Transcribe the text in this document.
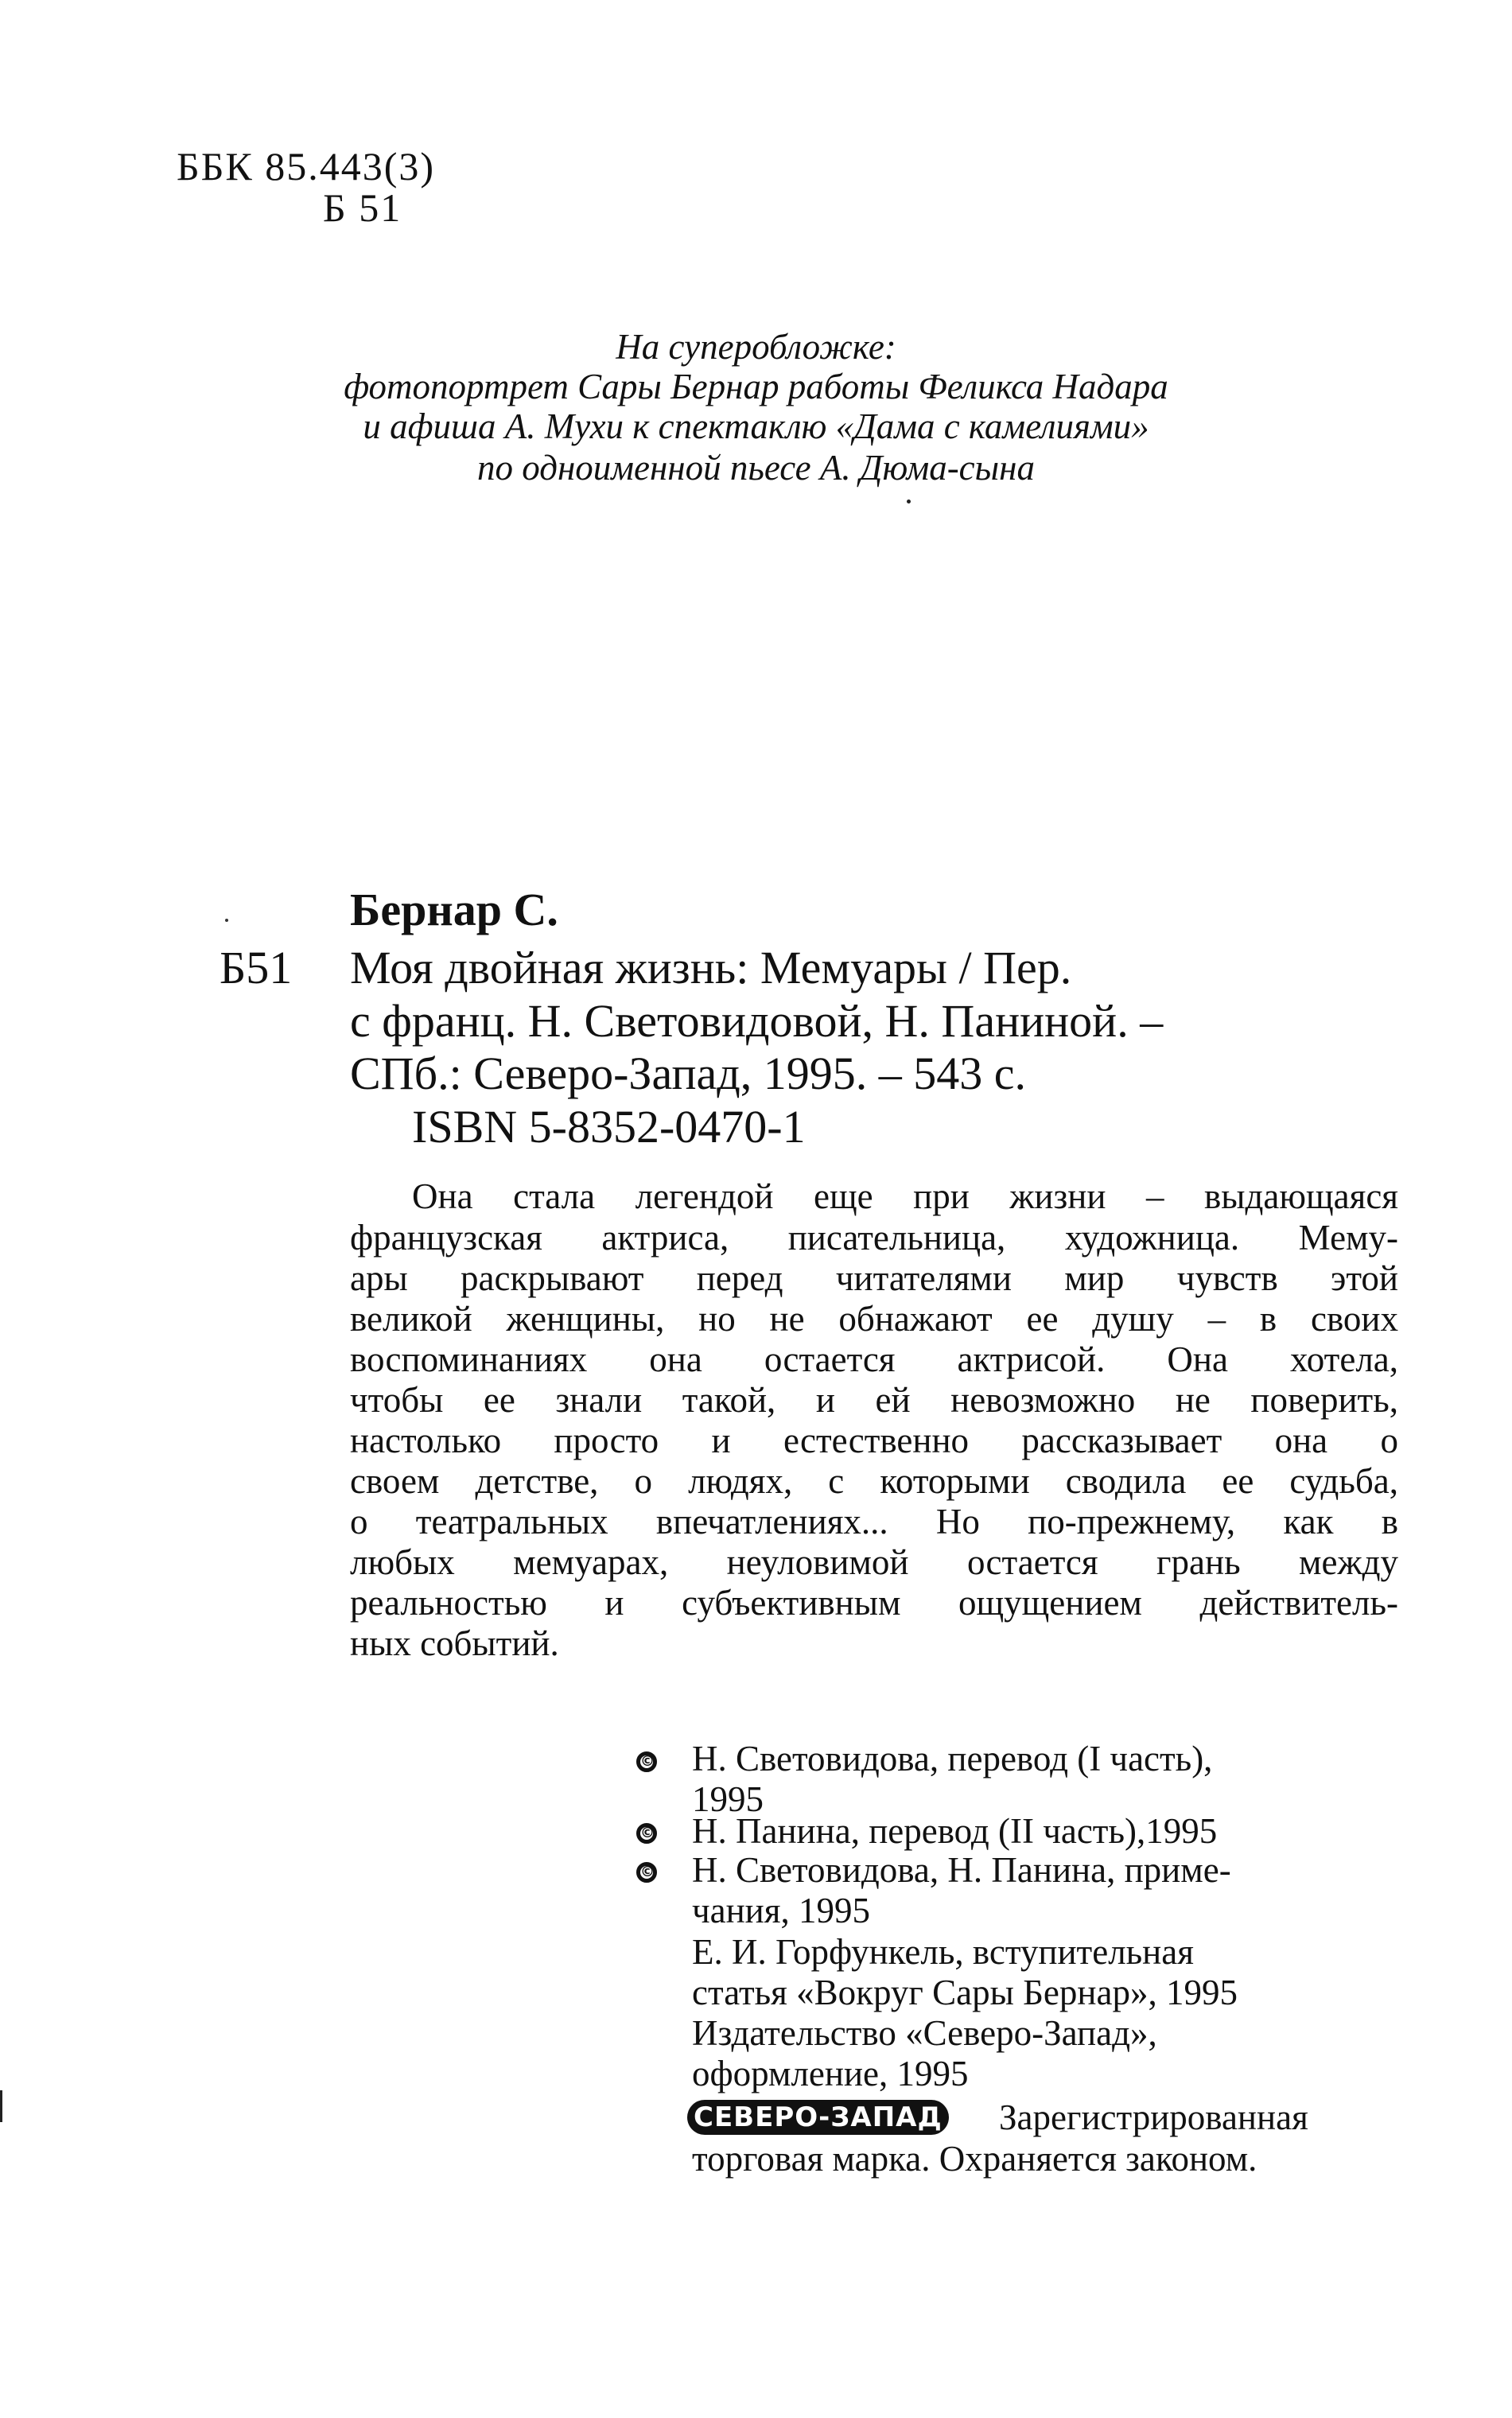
ББК 85.443(3)
Б 51
На суперобложке:
фотопортрет Сары Бернар работы Феликса Надара
и афиша А. Мухи к спектаклю «Дама с камелиями»
по одноименной пьесе А. Дюма-сына
Бернар С.
Б51 Моя двойная жизнь: Мемуары / Пер.
с франц. Н. Световидовой, Н. Паниной. –
СПб.: Северо-Запад, 1995. – 543 с.
ISBN 5-8352-0470-1
Она стала легендой еще при жизни – выдающаяся
французская актриса, писательница, художница. Мему-
ары раскрывают перед читателями мир чувств этой
великой женщины, но не обнажают ее душу – в своих
воспоминаниях она остается актрисой. Она хотела,
чтобы ее знали такой, и ей невозможно не поверить,
настолько просто и естественно рассказывает она о
своем детстве, о людях, с которыми сводила ее судьба,
о театральных впечатлениях... Но по-прежнему, как в
любых мемуарах, неуловимой остается грань между
реальностью и субъективным ощущением действитель-
ных событий.
© Н. Световидова, перевод (I часть),
1995
© Н. Панина, перевод (II часть),1995
© Н. Световидова, Н. Панина, приме-
чания, 1995
Е. И. Горфункель, вступительная
статья «Вокруг Сары Бернар», 1995
Издательство «Северо-Запад»,
оформление, 1995
СЕВЕРО-ЗАПАД Зарегистрированная
торговая марка. Охраняется законом.
